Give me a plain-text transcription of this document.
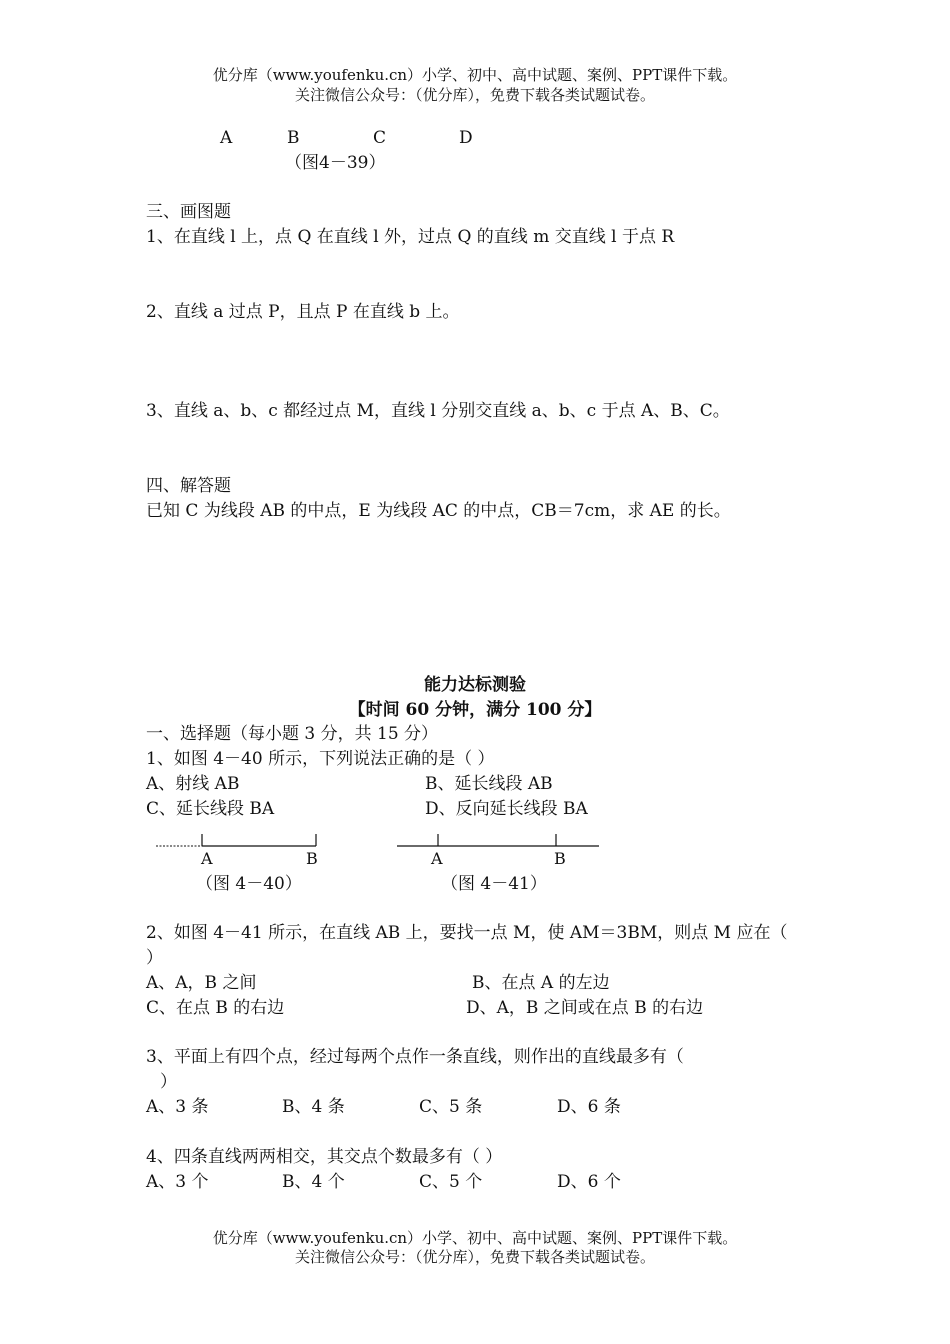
优分库（www.youfenku.cn）小学、初中、高中试题、案例、PPT课件下载。
关注微信公众号：（优分库），免费下载各类试题试卷。
A	B	C	D
（图4－39）
三、画图题
1、在直线 l 上，点 Q 在直线 l 外，过点 Q 的直线 m 交直线 l 于点 R
2、直线 a 过点 P，且点 P 在直线 b 上。
3、直线 a、b、c 都经过点 M，直线 l 分别交直线 a、b、c 于点 A、B、C。
四、解答题
已知 C 为线段 AB 的中点，E 为线段 AC 的中点，CB＝7cm，求 AE 的长。
能力达标测验
【时间 60 分钟，满分 100 分】
一、选择题（每小题 3 分，共 15 分）
1、如图 4－40 所示，下列说法正确的是（ ）
A、射线 AB	B、延长线段 AB
C、延长线段 BA	D、反向延长线段 BA
A	B
（图 4－40）
A	B
（图 4－41）
2、如图 4－41 所示，在直线 AB 上，要找一点 M，使 AM＝3BM，则点 M 应在（
）
A、A，B 之间	B、在点 A 的左边
C、在点 B 的右边	D、A，B 之间或在点 B 的右边
3、平面上有四个点，经过每两个点作一条直线，则作出的直线最多有（
）
A、3 条	B、4 条	C、5 条	D、6 条
4、四条直线两两相交，其交点个数最多有（ ）
A、3 个	B、4 个	C、5 个	D、6 个
优分库（www.youfenku.cn）小学、初中、高中试题、案例、PPT课件下载。
关注微信公众号：（优分库），免费下载各类试题试卷。
